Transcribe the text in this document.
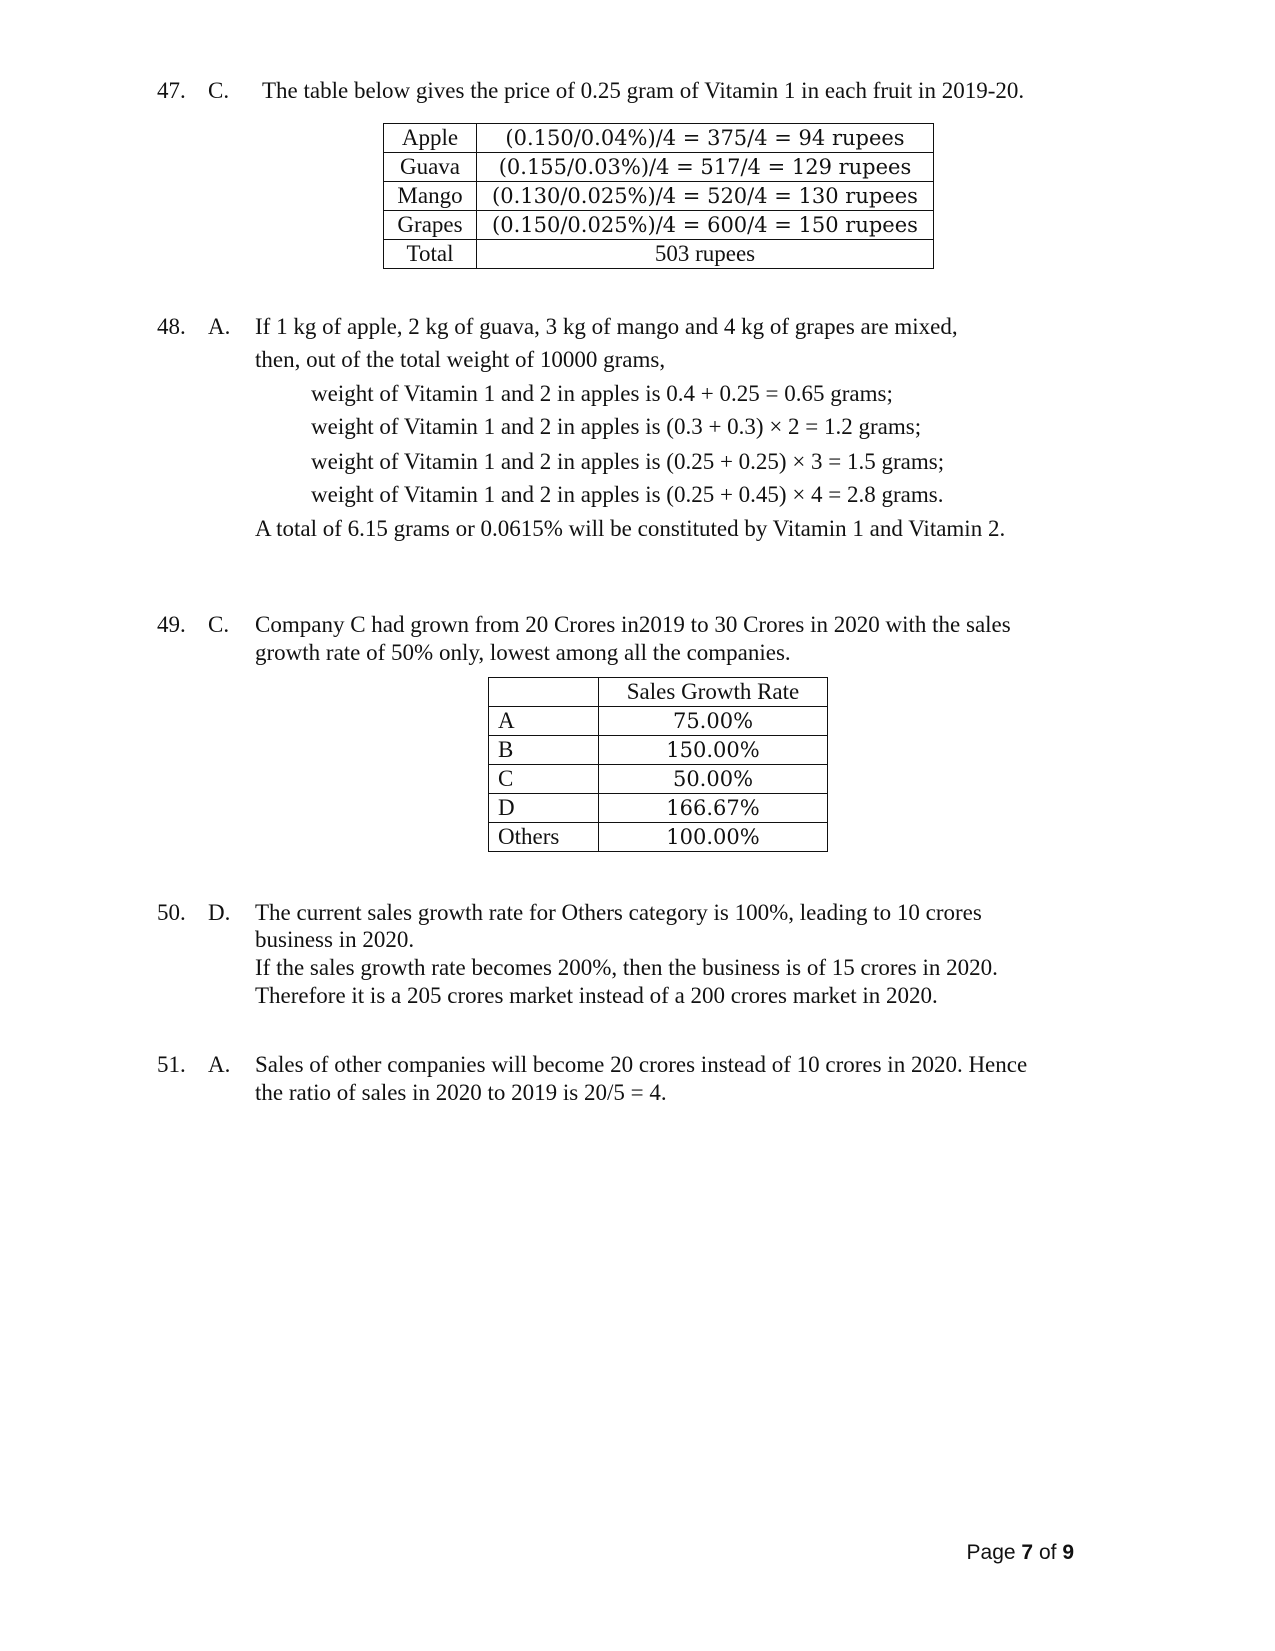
47. C. The table below gives the price of 0.25 gram of Vitamin 1 in each fruit in 2019-20.
Apple	(0.150/0.04%)/4 = 375/4 = 94 rupees
Guava	(0.155/0.03%)/4 = 517/4 = 129 rupees
Mango	(0.130/0.025%)/4 = 520/4 = 130 rupees
Grapes	(0.150/0.025%)/4 = 600/4 = 150 rupees
Total	503 rupees
48. A. If 1 kg of apple, 2 kg of guava, 3 kg of mango and 4 kg of grapes are mixed,
then, out of the total weight of 10000 grams,
weight of Vitamin 1 and 2 in apples is 0.4 + 0.25 = 0.65 grams;
weight of Vitamin 1 and 2 in apples is (0.3 + 0.3) × 2 = 1.2 grams;
weight of Vitamin 1 and 2 in apples is (0.25 + 0.25) × 3 = 1.5 grams;
weight of Vitamin 1 and 2 in apples is (0.25 + 0.45) × 4 = 2.8 grams.
A total of 6.15 grams or 0.0615% will be constituted by Vitamin 1 and Vitamin 2.
49. C. Company C had grown from 20 Crores in2019 to 30 Crores in 2020 with the sales
growth rate of 50% only, lowest among all the companies.
	Sales Growth Rate
A	75.00%
B	150.00%
C	50.00%
D	166.67%
Others	100.00%
50. D. The current sales growth rate for Others category is 100%, leading to 10 crores
business in 2020.
If the sales growth rate becomes 200%, then the business is of 15 crores in 2020.
Therefore it is a 205 crores market instead of a 200 crores market in 2020.
51. A. Sales of other companies will become 20 crores instead of 10 crores in 2020. Hence
the ratio of sales in 2020 to 2019 is 20/5 = 4.
Page 7 of 9
